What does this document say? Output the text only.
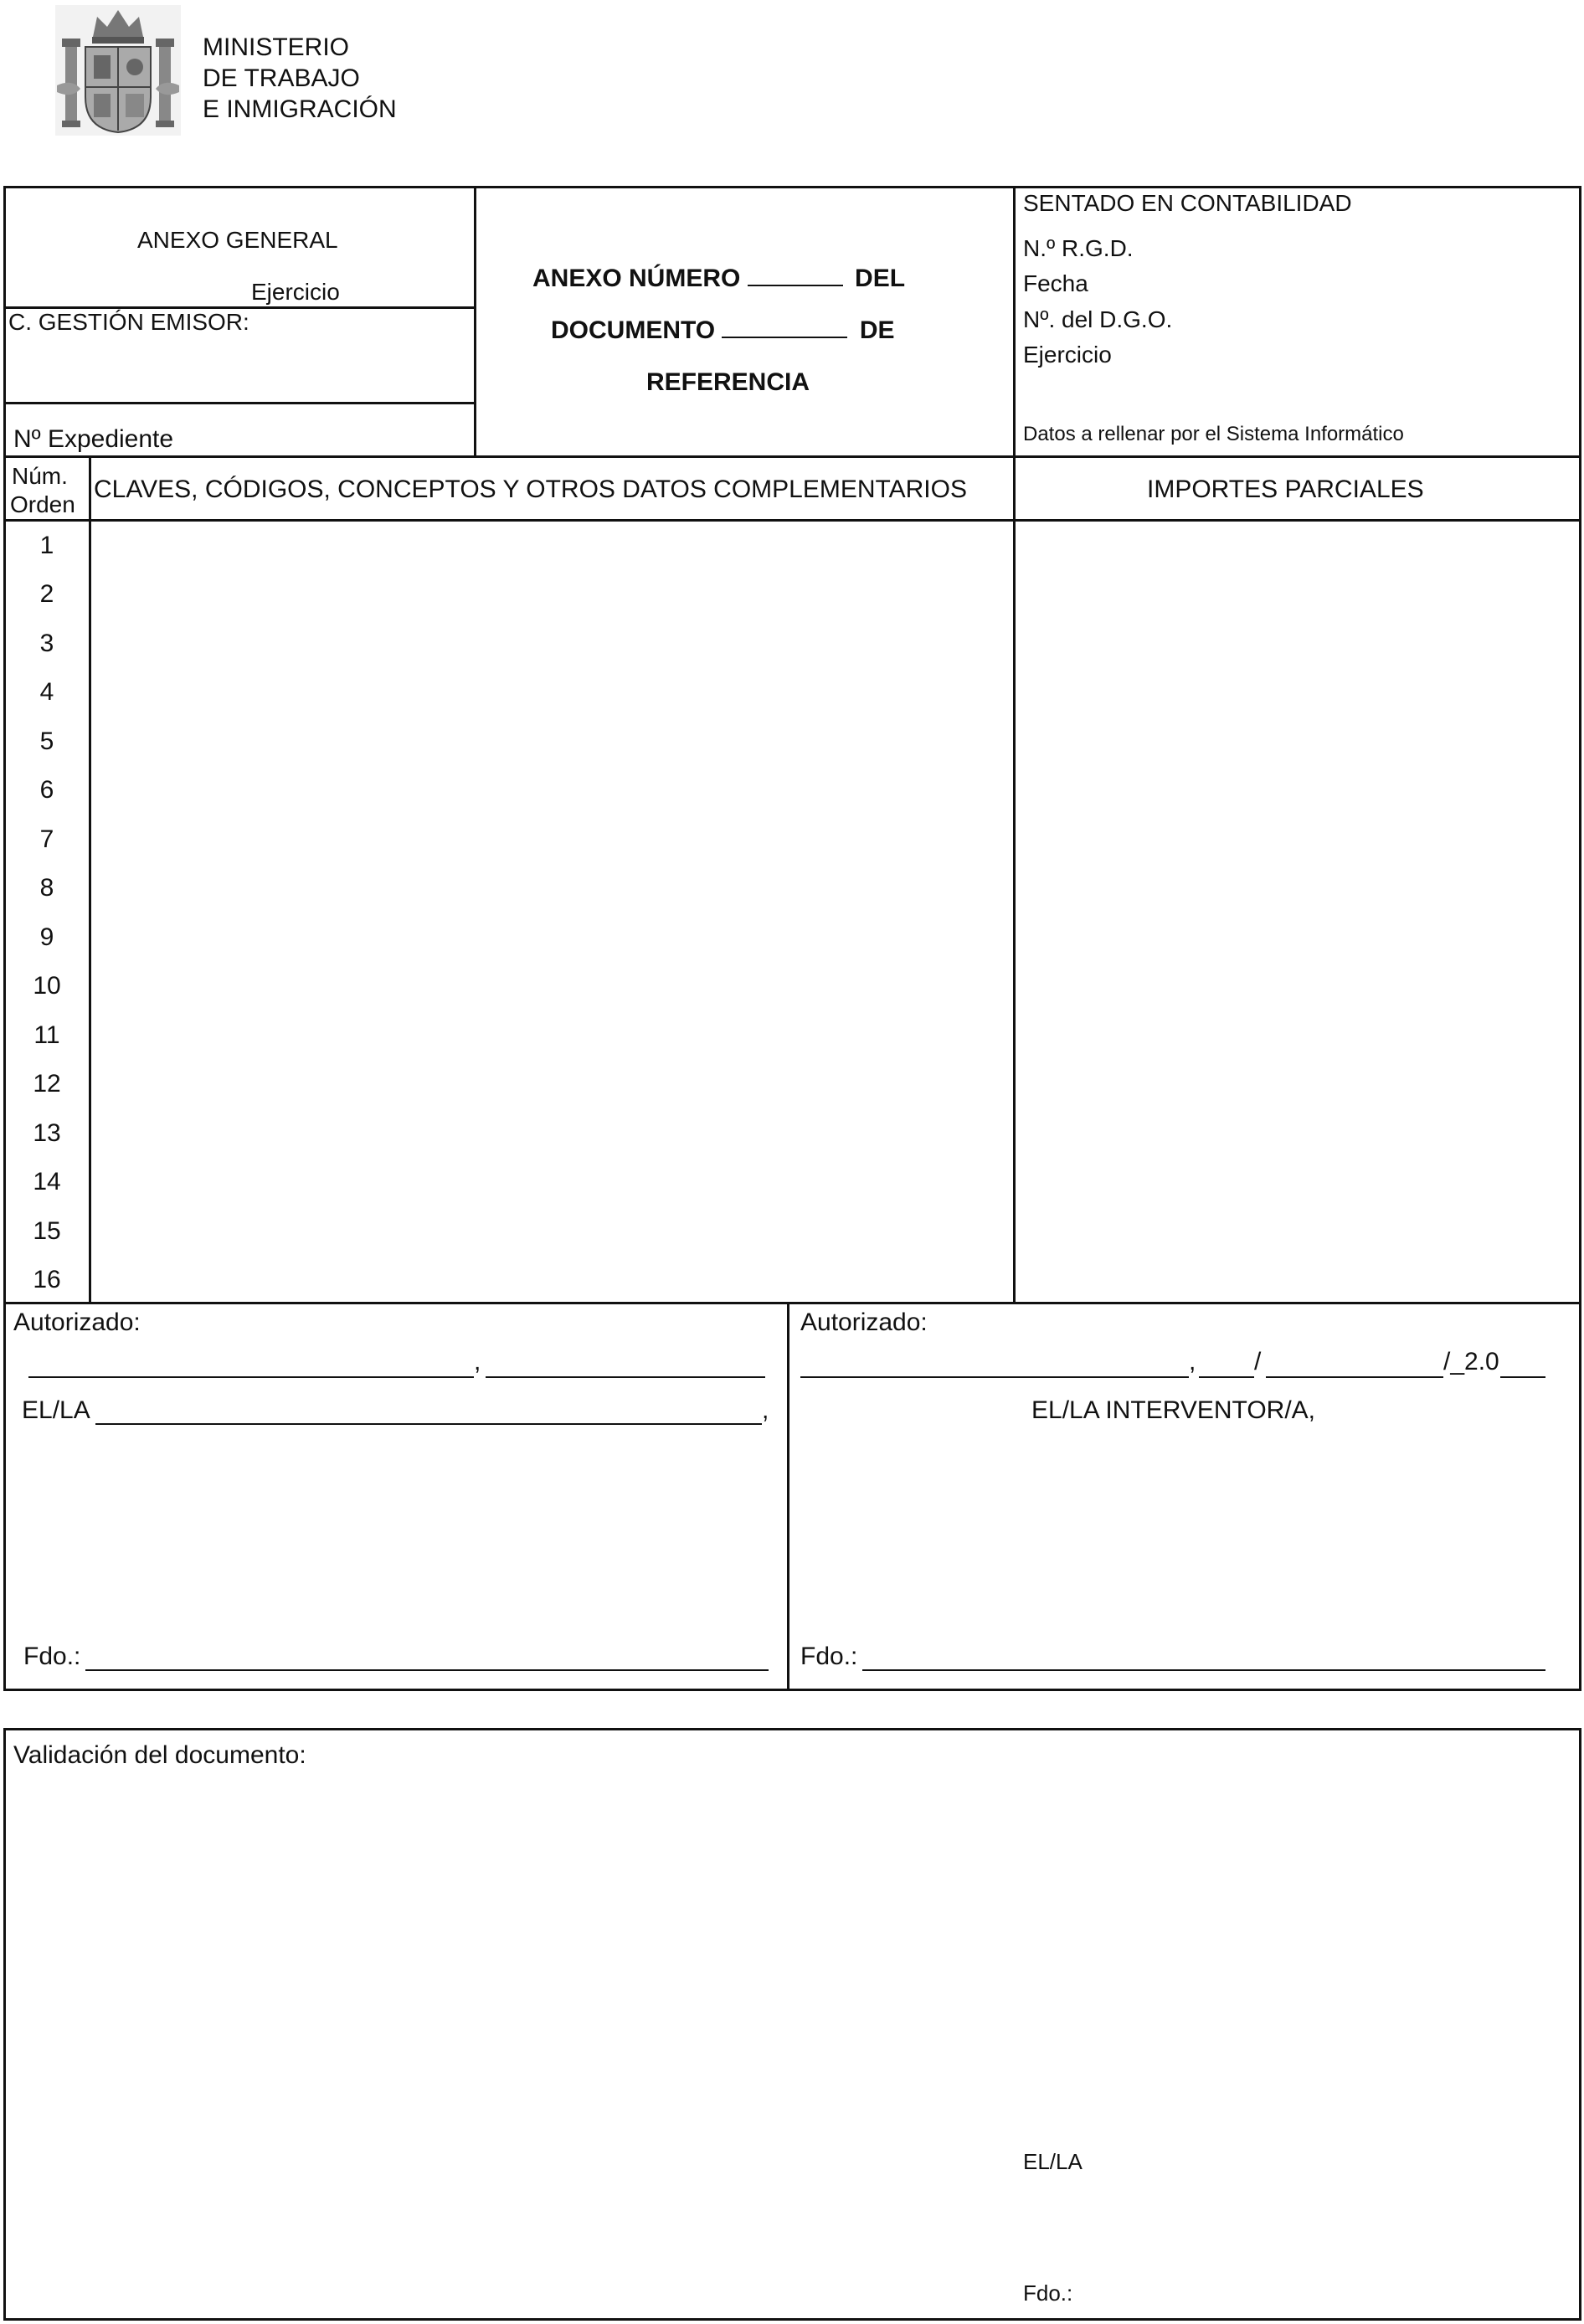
MINISTERIO
DE TRABAJO
E INMIGRACIÓN
ANEXO GENERAL
Ejercicio
C. GESTIÓN EMISOR:
Nº Expediente
ANEXO NÚMERO	DEL
DOCUMENTO	DE
REFERENCIA
SENTADO EN CONTABILIDAD
N.º R.G.D.
Fecha
Nº. del D.G.O.
Ejercicio
Datos a rellenar por el Sistema Informático
Núm.
Orden
CLAVES, CÓDIGOS, CONCEPTOS Y OTROS DATOS COMPLEMENTARIOS	IMPORTES PARCIALES
1
2
3
4
5
6
7
8
9
10
11
12
13
14
15
16
Autorizado:
,
EL/LA	,
Fdo.:
Autorizado:
, /	/_2.0
EL/LA INTERVENTOR/A,
Fdo.:
Validación del documento:
EL/LA
Fdo.:
